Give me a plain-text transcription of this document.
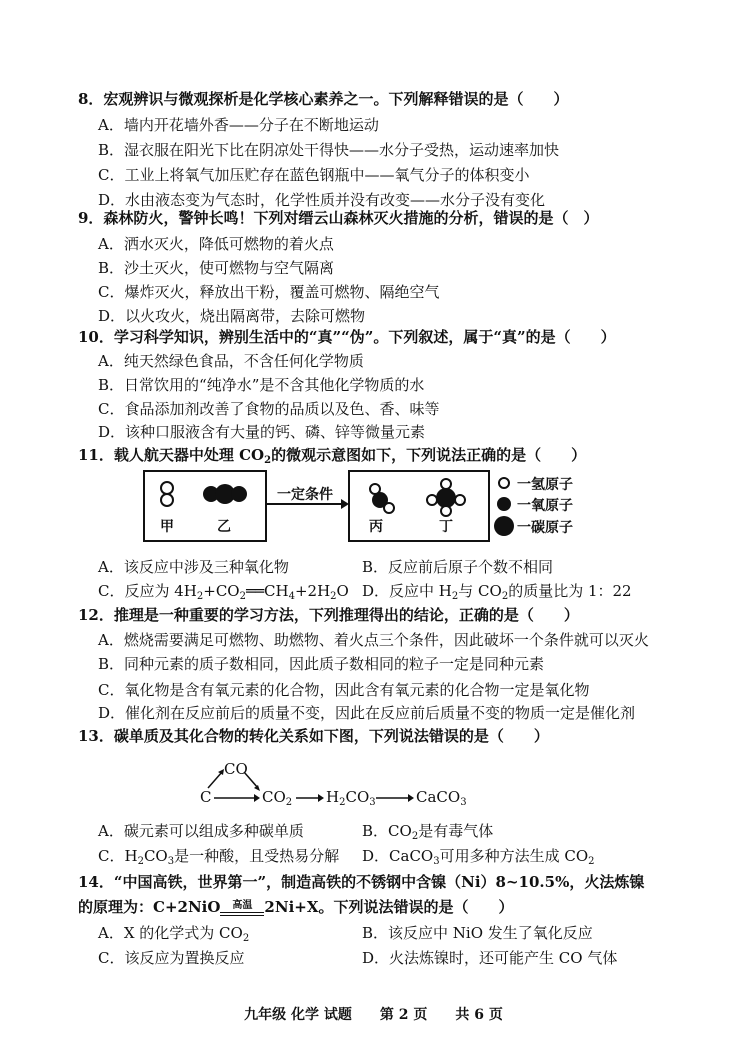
8．宏观辨识与微观探析是化学核心素养之一。下列解释错误的是（　　）
A．墙内开花墙外香——分子在不断地运动
B．湿衣服在阳光下比在阴凉处干得快——水分子受热，运动速率加快
C．工业上将氧气加压贮存在蓝色钢瓶中——氧气分子的体积变小
D．水由液态变为气态时，化学性质并没有改变——水分子没有变化
9．森林防火，警钟长鸣！下列对缙云山森林灭火措施的分析，错误的是（　）
A．洒水灭火，降低可燃物的着火点
B．沙土灭火，使可燃物与空气隔离
C．爆炸灭火，释放出干粉，覆盖可燃物、隔绝空气
D．以火攻火，烧出隔离带，去除可燃物
10．学习科学知识，辨别生活中的“真”“伪”。下列叙述，属于“真”的是（　　）
A．纯天然绿色食品，不含任何化学物质
B．日常饮用的“纯净水”是不含其他化学物质的水
C．食品添加剂改善了食物的品质以及色、香、味等
D．该种口服液含有大量的钙、磷、锌等微量元素
11．载人航天器中处理 $CO_2$的微观示意图如下，下列说法正确的是（　　）
一定条件
甲	乙	丙	丁
一氢原子
一氧原子
一碳原子
A．该反应中涉及三种氧化物	B．反应前后原子个数不相同
C．反应为 $4H_2+CO_2══CH_4+2H_2O$ D．反应中 $H_2$与 $CO_2$的质量比为 1：22
12．推理是一种重要的学习方法，下列推理得出的结论，正确的是（　　）
A．燃烧需要满足可燃物、助燃物、着火点三个条件，因此破坏一个条件就可以灭火
B．同种元素的质子数相同，因此质子数相同的粒子一定是同种元素
C．氧化物是含有氧元素的化合物，因此含有氧元素的化合物一定是氧化物
D．催化剂在反应前后的质量不变，因此在反应前后质量不变的物质一定是催化剂
13．碳单质及其化合物的转化关系如下图，下列说法错误的是（　　）
C
CO
$CO_2$ $H_2CO_3$	CaCO$_3$
A．碳元素可以组成多种碳单质	B．$CO_2$是有毒气体
C．$H_2CO_3$是一种酸，且受热易分解 D．CaCO$_3$可用多种方法生成 $CO_2$
14．“中国高铁，世界第一”，制造高铁的不锈钢中含镍（Ni）8~10.5%，火法炼镍
的原理为：C+2NiO	高温 2Ni+X。下列说法错误的是（　　）
A．X 的化学式为 $CO_2$	B．该反应中 NiO 发生了氧化反应
C．该反应为置换反应	D．火法炼镍时，还可能产生 CO 气体
九年级 化学 试题　　第 2 页　　共 6 页
